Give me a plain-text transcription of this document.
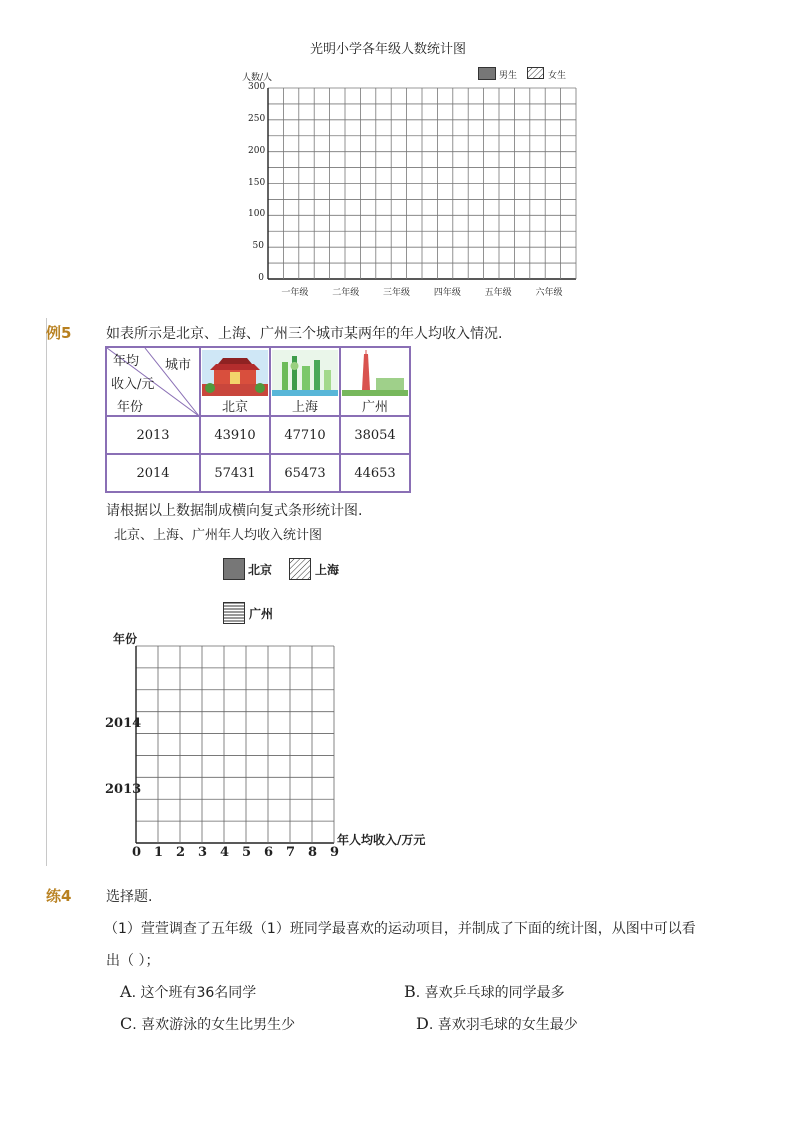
光明小学各年级人数统计图
人数/人	男生	女生
300
250
200
150
100
50
0
一年级	二年级	三年级	四年级	五年级	六年级
例5 如表所示是北京、上海、广州三个城市某两年的年人均收入情况.
年均 城市
收入/元
年份	北京	上海	广州
2013	43910	47710	38054
2014	57431	65473	44653
请根据以上数据制成横向复式条形统计图.
北京、上海、广州年人均收入统计图
北京	上海
广州
年份
2014
2013
0 1 2 3 4 5 6 7 8 9
年人均收入/万元
练4 选择题.
（1）萱萱调查了五年级（1）班同学最喜欢的运动项目，并制成了下面的统计图，从图中可以看
出（ ）；
A. 这个班有36名同学	B. 喜欢乒乓球的同学最多
C. 喜欢游泳的女生比男生少	D. 喜欢羽毛球的女生最少
